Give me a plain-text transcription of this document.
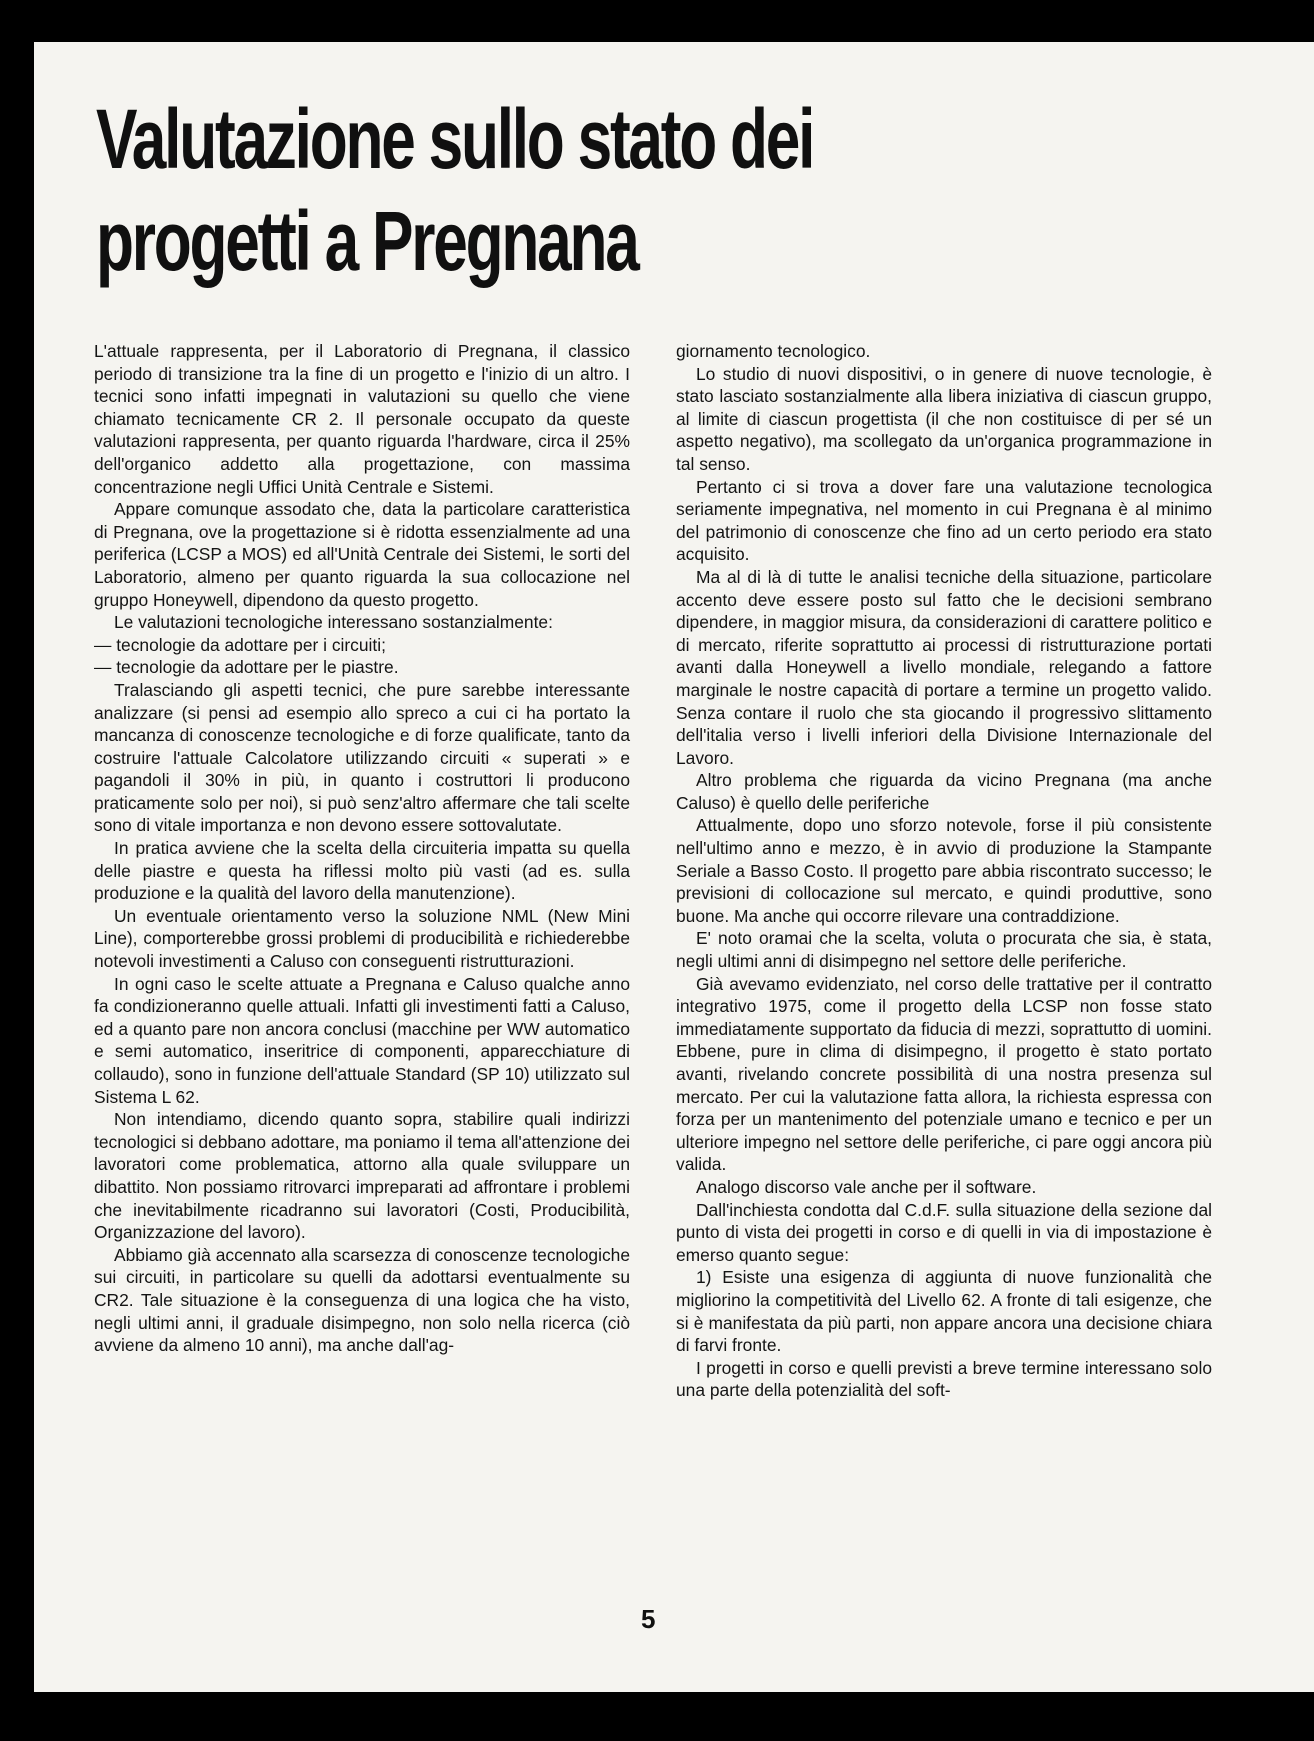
Valutazione sullo stato dei
progetti a Pregnana

L'attuale rappresenta, per il Laboratorio di Pregnana, il classico periodo di transizione tra la fine di un progetto e l'inizio di un altro. I tecnici sono infatti impegnati in valutazioni su quello che viene chiamato tecnicamente CR 2. Il personale occupato da queste valutazioni rappresenta, per quanto riguarda l'hardware, circa il 25% dell'organico addetto alla progettazione, con massima concentrazione negli Uffici Unità Centrale e Sistemi.

Appare comunque assodato che, data la particolare caratteristica di Pregnana, ove la progettazione si è ridotta essenzialmente ad una periferica (LCSP a MOS) ed all'Unità Centrale dei Sistemi, le sorti del Laboratorio, almeno per quanto riguarda la sua collocazione nel gruppo Honeywell, dipendono da questo progetto.

Le valutazioni tecnologiche interessano sostanzialmente:

— tecnologie da adottare per i circuiti;

— tecnologie da adottare per le piastre.

Tralasciando gli aspetti tecnici, che pure sarebbe interessante analizzare (si pensi ad esempio allo spreco a cui ci ha portato la mancanza di conoscenze tecnologiche e di forze qualificate, tanto da costruire l'attuale Calcolatore utilizzando circuiti « superati » e pagandoli il 30% in più, in quanto i costruttori li producono praticamente solo per noi), si può senz'altro affermare che tali scelte sono di vitale importanza e non devono essere sottovalutate.

In pratica avviene che la scelta della circuiteria impatta su quella delle piastre e questa ha riflessi molto più vasti (ad es. sulla produzione e la qualità del lavoro della manutenzione).

Un eventuale orientamento verso la soluzione NML (New Mini Line), comporterebbe grossi problemi di producibilità e richiederebbe notevoli investimenti a Caluso con conseguenti ristrutturazioni.

In ogni caso le scelte attuate a Pregnana e Caluso qualche anno fa condizioneranno quelle attuali. Infatti gli investimenti fatti a Caluso, ed a quanto pare non ancora conclusi (macchine per WW automatico e semi automatico, inseritrice di componenti, apparecchiature di collaudo), sono in funzione dell'attuale Standard (SP 10) utilizzato sul Sistema L 62.

Non intendiamo, dicendo quanto sopra, stabilire quali indirizzi tecnologici si debbano adottare, ma poniamo il tema all'attenzione dei lavoratori come problematica, attorno alla quale sviluppare un dibattito. Non possiamo ritrovarci impreparati ad affrontare i problemi che inevitabilmente ricadranno sui lavoratori (Costi, Producibilità, Organizzazione del lavoro).

Abbiamo già accennato alla scarsezza di conoscenze tecnologiche sui circuiti, in particolare su quelli da adottarsi eventualmente su CR2. Tale situazione è la conseguenza di una logica che ha visto, negli ultimi anni, il graduale disimpegno, non solo nella ricerca (ciò avviene da almeno 10 anni), ma anche dall'ag-

giornamento tecnologico.

Lo studio di nuovi dispositivi, o in genere di nuove tecnologie, è stato lasciato sostanzialmente alla libera iniziativa di ciascun gruppo, al limite di ciascun progettista (il che non costituisce di per sé un aspetto negativo), ma scollegato da un'organica programmazione in tal senso.

Pertanto ci si trova a dover fare una valutazione tecnologica seriamente impegnativa, nel momento in cui Pregnana è al minimo del patrimonio di conoscenze che fino ad un certo periodo era stato acquisito.

Ma al di là di tutte le analisi tecniche della situazione, particolare accento deve essere posto sul fatto che le decisioni sembrano dipendere, in maggior misura, da considerazioni di carattere politico e di mercato, riferite soprattutto ai processi di ristrutturazione portati avanti dalla Honeywell a livello mondiale, relegando a fattore marginale le nostre capacità di portare a termine un progetto valido. Senza contare il ruolo che sta giocando il progressivo slittamento dell'italia verso i livelli inferiori della Divisione Internazionale del Lavoro.

Altro problema che riguarda da vicino Pregnana (ma anche Caluso) è quello delle periferiche

Attualmente, dopo uno sforzo notevole, forse il più consistente nell'ultimo anno e mezzo, è in avvio di produzione la Stampante Seriale a Basso Costo. Il progetto pare abbia riscontrato successo; le previsioni di collocazione sul mercato, e quindi produttive, sono buone. Ma anche qui occorre rilevare una contraddizione.

E' noto oramai che la scelta, voluta o procurata che sia, è stata, negli ultimi anni di disimpegno nel settore delle periferiche.

Già avevamo evidenziato, nel corso delle trattative per il contratto integrativo 1975, come il progetto della LCSP non fosse stato immediatamente supportato da fiducia di mezzi, soprattutto di uomini. Ebbene, pure in clima di disimpegno, il progetto è stato portato avanti, rivelando concrete possibilità di una nostra presenza sul mercato. Per cui la valutazione fatta allora, la richiesta espressa con forza per un mantenimento del potenziale umano e tecnico e per un ulteriore impegno nel settore delle periferiche, ci pare oggi ancora più valida.

Analogo discorso vale anche per il software.

Dall'inchiesta condotta dal C.d.F. sulla situazione della sezione dal punto di vista dei progetti in corso e di quelli in via di impostazione è emerso quanto segue:

1) Esiste una esigenza di aggiunta di nuove funzionalità che migliorino la competitività del Livello 62. A fronte di tali esigenze, che si è manifestata da più parti, non appare ancora una decisione chiara di farvi fronte.

I progetti in corso e quelli previsti a breve termine interessano solo una parte della potenzialità del soft-

5
